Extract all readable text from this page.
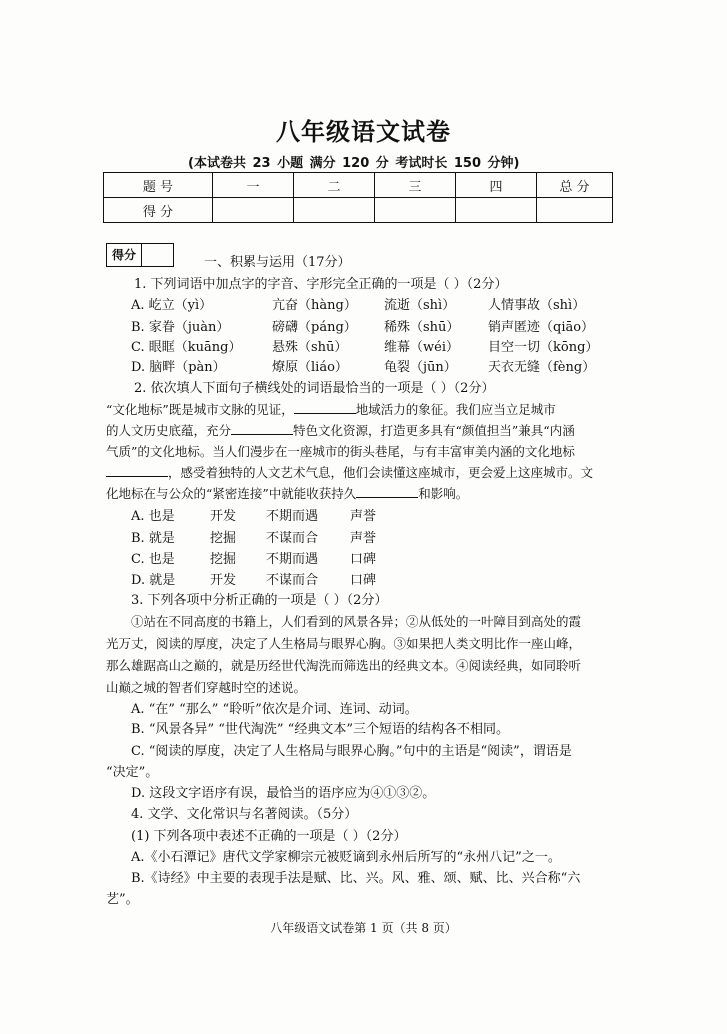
八年级语文试卷
(本试卷共 23 小题 满分 120 分 考试时长 150 分钟)
题 号	一	二	三	四	总 分
得 分					
得分	一、积累与运用（17分）
1. 下列词语中加点字的字音、字形完全正确的一项是（ ）（2分）
A. 屹立（yì）	亢奋（hàng） 流逝（shì）	人情事故（shì）
B. 家眷（juàn）	磅礴（páng） 稀殊（shū） 销声匿迹（qiāo）
C. 眼眶（kuāng） 悬殊（shū）	维幕（wéi） 目空一切（kōng）
D. 脑畔（pàn）	燎原（liáo）	龟裂（jūn） 天衣无缝（fèng）
2. 依次填人下面句子横线处的词语最恰当的一项是（ ）（2分）
“文化地标”既是城市文脉的见证，	地域活力的象征。我们应当立足城市
的人文历史底蕴，充分	特色文化资源，打造更多具有“颜值担当”兼具“内涵
气质”的文化地标。当人们漫步在一座城市的街头巷尾，与有丰富审美内涵的文化地标
，感受着独特的人文艺术气息，他们会读懂这座城市，更会爱上这座城市。文
化地标在与公众的“紧密连接”中就能收获持久	和影响。
A. 也是	开发 不期而遇 声誉
B. 就是	挖掘 不谋而合 声誉
C. 也是	挖掘 不期而遇 口碑
D. 就是	开发 不谋而合 口碑
3. 下列各项中分析正确的一项是（ ）（2分）
①站在不同高度的书籍上，人们看到的风景各异；②从低处的一叶障目到高处的霞
光万丈，阅读的厚度，决定了人生格局与眼界心胸。③如果把人类文明比作一座山峰，
那么雄踞高山之巅的，就是历经世代淘洗而筛选出的经典文本。④阅读经典，如同聆听
山巅之城的智者们穿越时空的述说。
A. “在” “那么” “聆听”依次是介词、连词、动词。
B. “风景各异” “世代淘洗” “经典文本”三个短语的结构各不相同。
C. “阅读的厚度，决定了人生格局与眼界心胸。”句中的主语是“阅读”，谓语是
“决定”。
D. 这段文字语序有误，最恰当的语序应为④①③②。
4. 文学、文化常识与名著阅读。（5分）
(1) 下列各项中表述不正确的一项是（ ）（2分）
A.《小石潭记》唐代文学家柳宗元被贬谪到永州后所写的“永州八记”之一。
B.《诗经》中主要的表现手法是赋、比、兴。风、雅、颂、赋、比、兴合称“六
艺”。
八年级语文试卷第 1 页（共 8 页）
